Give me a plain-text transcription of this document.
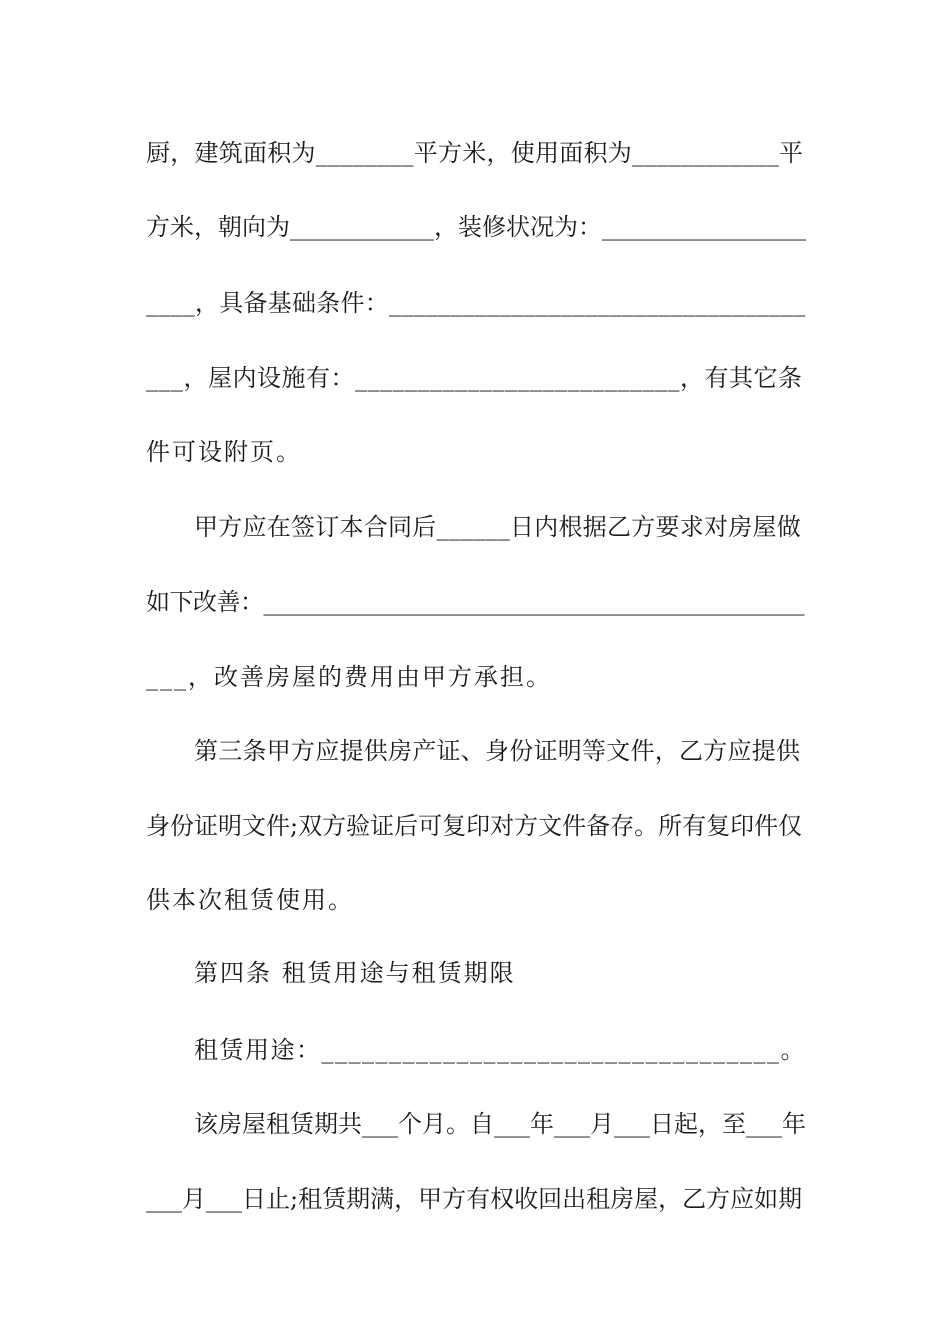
厨，建筑面积为________平方米，使用面积为____________平
方米，朝向为____________，装修状况为：_________________
____，具备基础条件：__________________________________
___，屋内设施有：__________________________，有其它条
件可设附页。
甲方应在签订本合同后______日内根据乙方要求对房屋做
如下改善：_______________________________________________
___，改善房屋的费用由甲方承担。
第三条甲方应提供房产证、身份证明等文件，乙方应提供
身份证明文件;双方验证后可复印对方文件备存。所有复印件仅
供本次租赁使用。
第四条 租赁用途与租赁期限
租赁用途：__________________________________。
该房屋租赁期共___个月。自___年___月___日起，至___年
___月___日止;租赁期满，甲方有权收回出租房屋，乙方应如期
